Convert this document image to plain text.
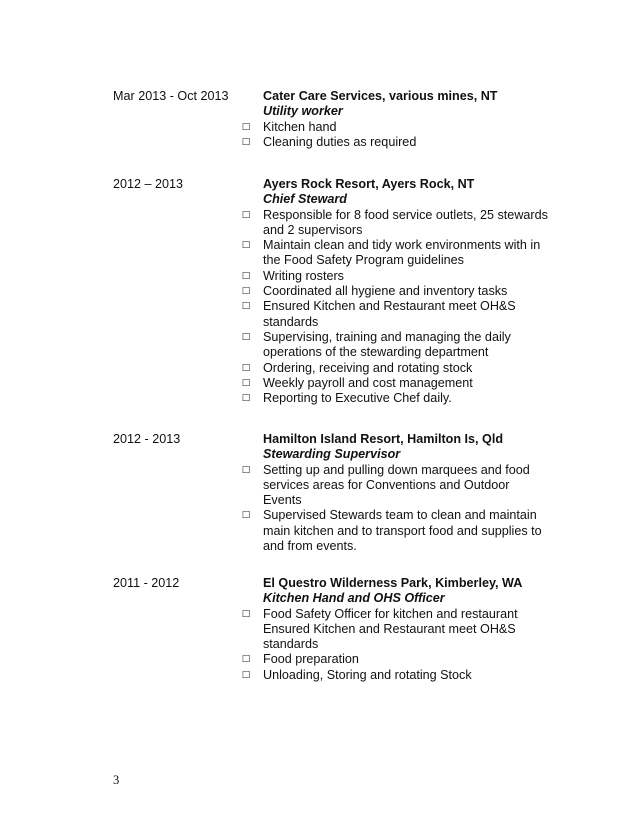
Mar 2013 - Oct 2013	Cater Care Services, various mines, NT
Utility worker
□ Kitchen hand
□ Cleaning duties as required
2012 – 2013	Ayers Rock Resort, Ayers Rock, NT
Chief Steward
□ Responsible for 8 food service outlets, 25 stewards and 2 supervisors
□ Maintain clean and tidy work environments with in the Food Safety Program guidelines
□ Writing rosters
□ Coordinated all hygiene and inventory tasks
□ Ensured Kitchen and Restaurant meet OH&S standards
□ Supervising, training and managing the daily operations of the stewarding department
□ Ordering, receiving and rotating stock
□ Weekly payroll and cost management
□ Reporting to Executive Chef daily.
2012 - 2013	Hamilton Island Resort, Hamilton Is, Qld
Stewarding Supervisor
□ Setting up and pulling down marquees and food services areas for Conventions and Outdoor Events
□ Supervised Stewards team to clean and maintain main kitchen and to transport food and supplies to and from events.
2011 - 2012	El Questro Wilderness Park, Kimberley, WA
Kitchen Hand and OHS Officer
□ Food Safety Officer for kitchen and restaurant Ensured Kitchen and Restaurant meet OH&S standards
□ Food preparation
□ Unloading, Storing and rotating Stock
3
